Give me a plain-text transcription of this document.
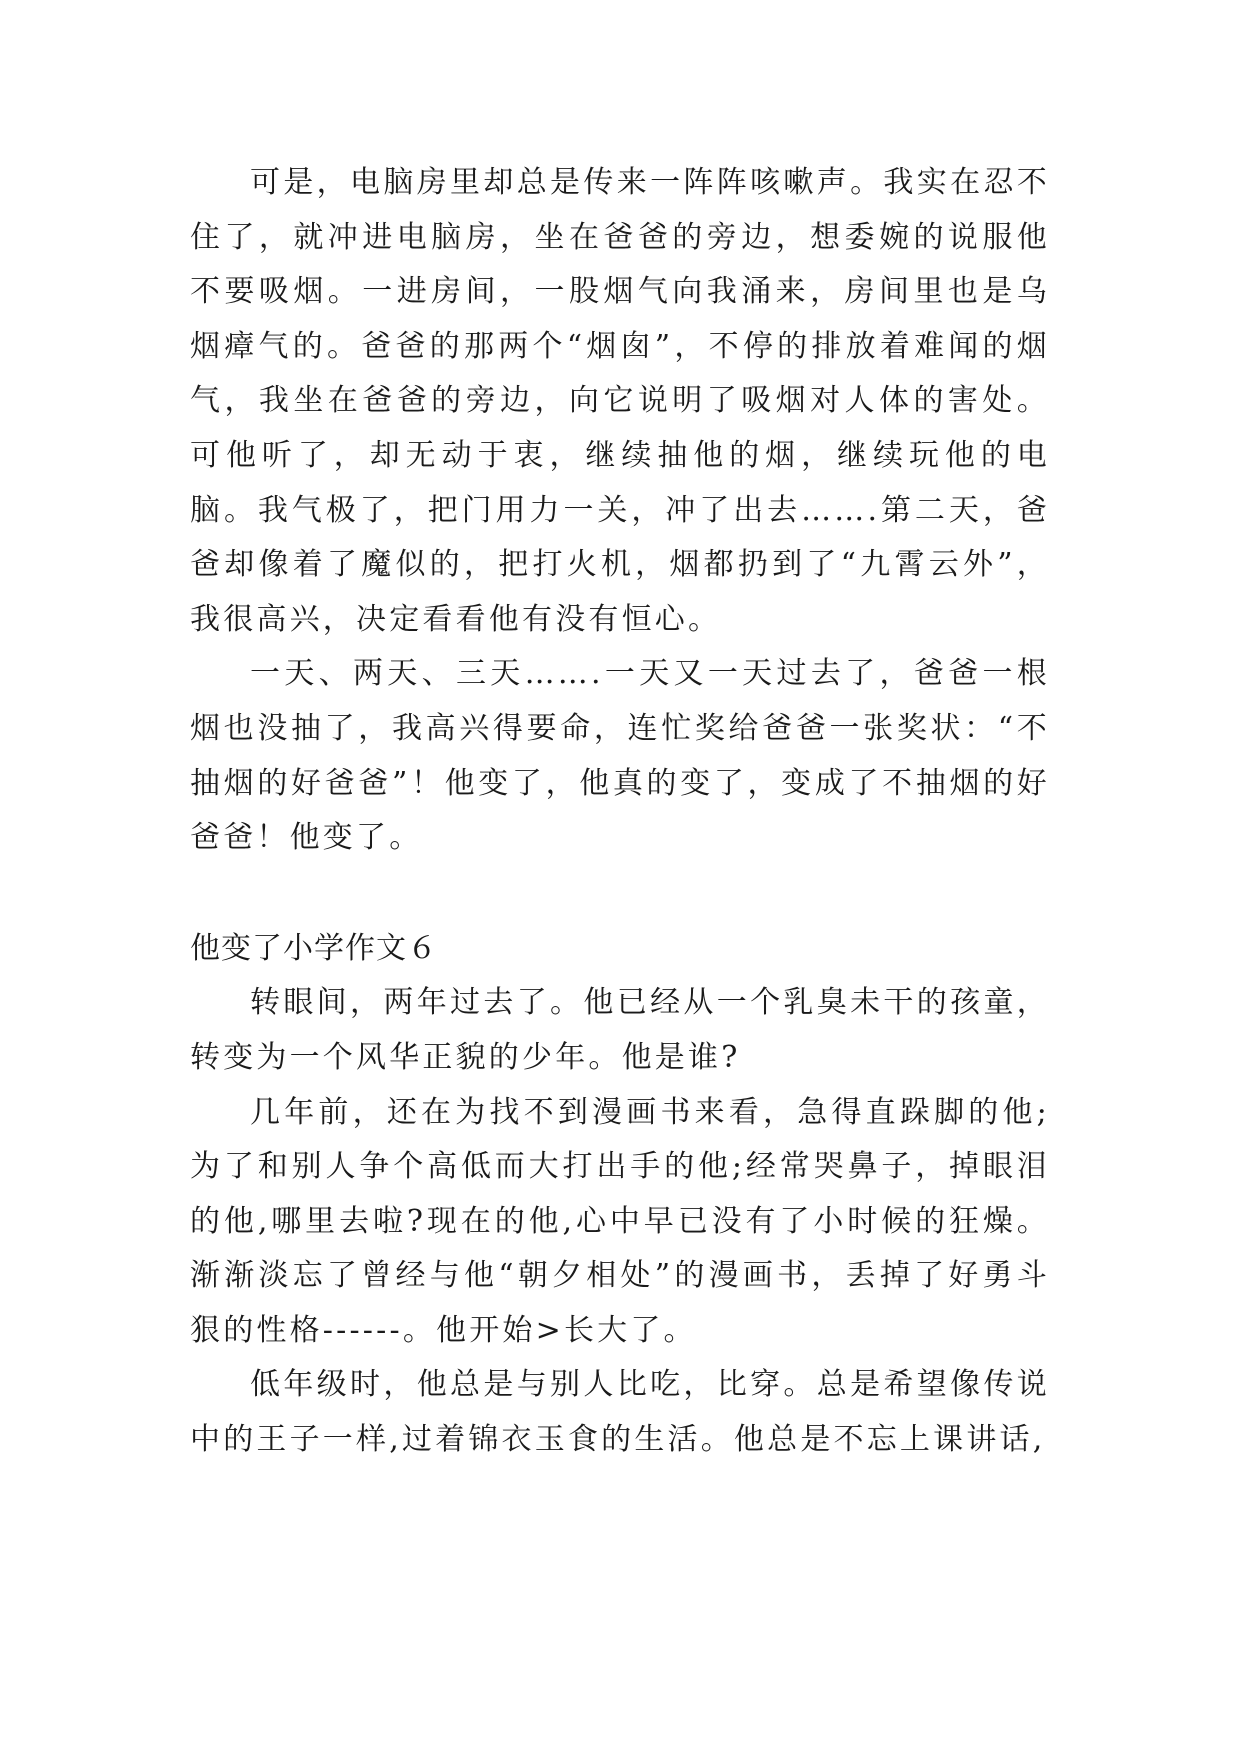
可是，电脑房里却总是传来一阵阵咳嗽声。我实在忍不住了，就冲进电脑房，坐在爸爸的旁边，想委婉的说服他不要吸烟。一进房间，一股烟气向我涌来，房间里也是乌烟瘴气的。爸爸的那两个“烟囱”，不停的排放着难闻的烟气，我坐在爸爸的旁边，向它说明了吸烟对人体的害处。可他听了，却无动于衷，继续抽他的烟，继续玩他的电脑。我气极了，把门用力一关，冲了出去…….第二天，爸爸却像着了魔似的，把打火机，烟都扔到了“九霄云外”，我很高兴，决定看看他有没有恒心。

一天、两天、三天…….一天又一天过去了，爸爸一根烟也没抽了，我高兴得要命，连忙奖给爸爸一张奖状：“不抽烟的好爸爸”！他变了，他真的变了，变成了不抽烟的好爸爸！他变了。

他变了小学作文６

转眼间，两年过去了。他已经从一个乳臭未干的孩童，转变为一个风华正貌的少年。他是谁?

几年前，还在为找不到漫画书来看，急得直跺脚的他;为了和别人争个高低而大打出手的他;经常哭鼻子，掉眼泪的他,哪里去啦?现在的他,心中早已没有了小时候的狂燥。渐渐淡忘了曾经与他“朝夕相处”的漫画书，丢掉了好勇斗狠的性格------。他开始>长大了。

低年级时，他总是与别人比吃，比穿。总是希望像传说中的王子一样,过着锦衣玉食的生活。他总是不忘上课讲话,
